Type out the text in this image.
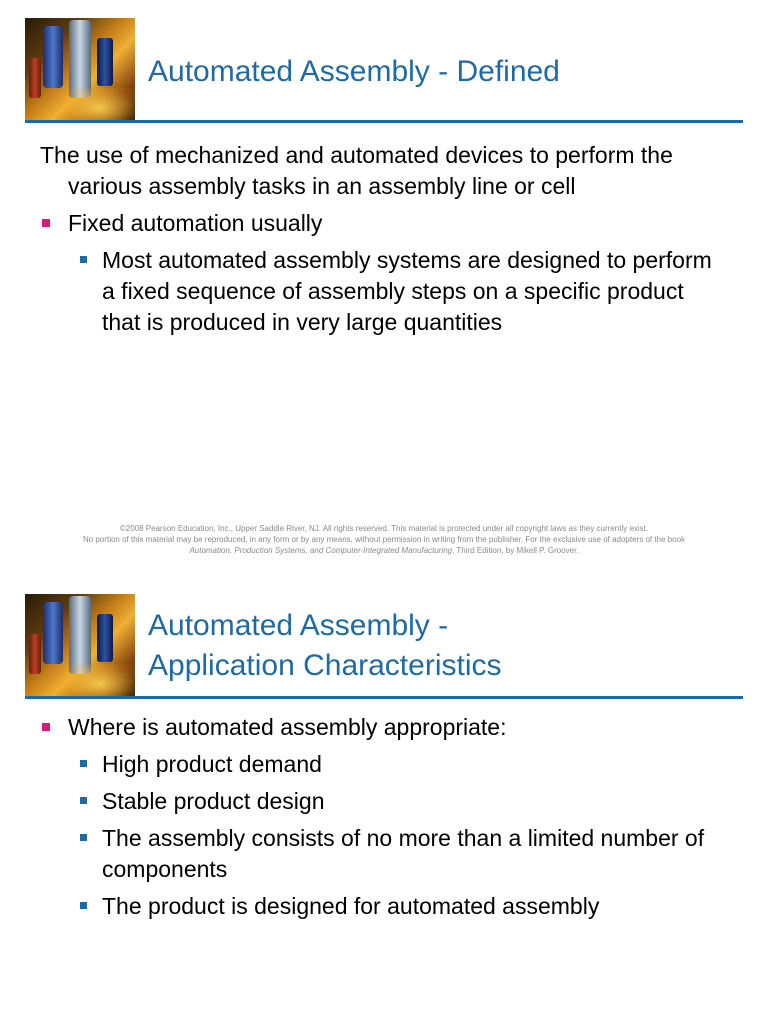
Automated Assembly - Defined

The use of mechanized and automated devices to perform the various assembly tasks in an assembly line or cell

Fixed automation usually
Most automated assembly systems are designed to perform a fixed sequence of assembly steps on a specific product that is produced in very large quantities
©2008 Pearson Education, Inc., Upper Saddle River, NJ. All rights reserved. This material is protected under all copyright laws as they currently exist.
No portion of this material may be reproduced, in any form or by any means, without permission in writing from the publisher. For the exclusive use of adopters of the book
Automation, Production Systems, and Computer-Integrated Manufacturing, Third Edition, by Mikell P. Groover.
Automated Assembly -
Application Characteristics
Where is automated assembly appropriate:
High product demand
Stable product design
The assembly consists of no more than a limited number of components
The product is designed for automated assembly
